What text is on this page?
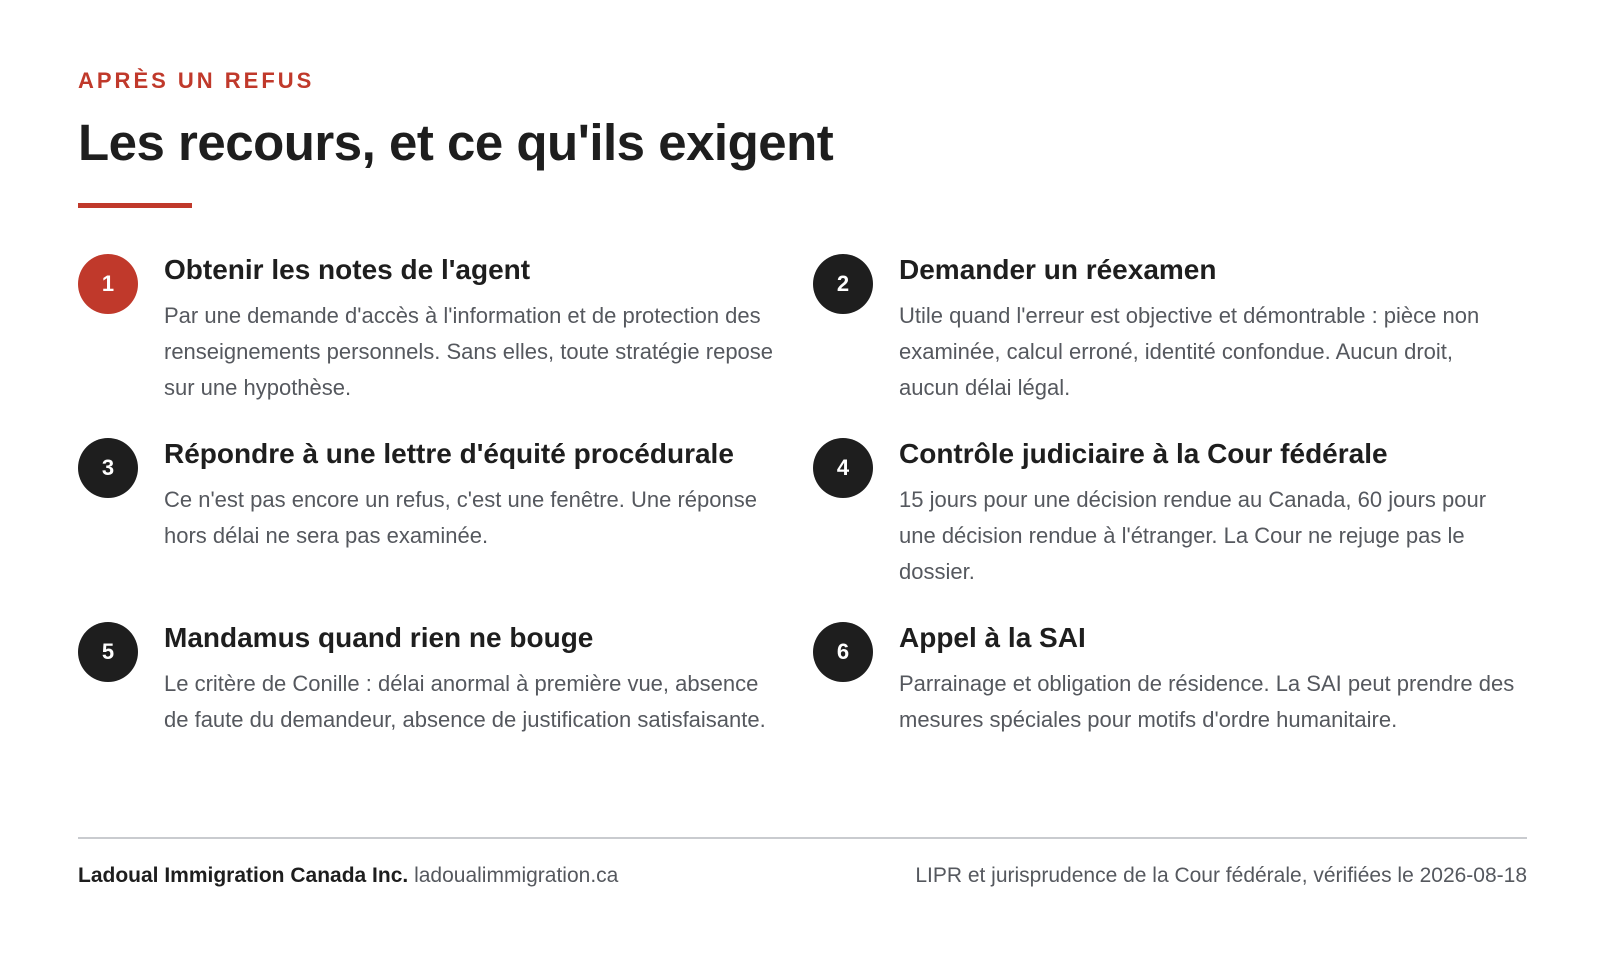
APRÈS UN REFUS
Les recours, et ce qu'ils exigent
1	Obtenir les notes de l'agent
Par une demande d'accès à l'information et de protection des renseignements personnels. Sans elles, toute stratégie repose sur une hypothèse.
2	Demander un réexamen
Utile quand l'erreur est objective et démontrable : pièce non examinée, calcul erroné, identité confondue. Aucun droit, aucun délai légal.
3	Répondre à une lettre d'équité procédurale
Ce n'est pas encore un refus, c'est une fenêtre. Une réponse hors délai ne sera pas examinée.
4	Contrôle judiciaire à la Cour fédérale
15 jours pour une décision rendue au Canada, 60 jours pour une décision rendue à l'étranger. La Cour ne rejuge pas le dossier.
5	Mandamus quand rien ne bouge
Le critère de Conille : délai anormal à première vue, absence de faute du demandeur, absence de justification satisfaisante.
6	Appel à la SAI
Parrainage et obligation de résidence. La SAI peut prendre des mesures spéciales pour motifs d'ordre humanitaire.
Ladoual Immigration Canada Inc. ladoualimmigration.ca	LIPR et jurisprudence de la Cour fédérale, vérifiées le 2026-08-18
